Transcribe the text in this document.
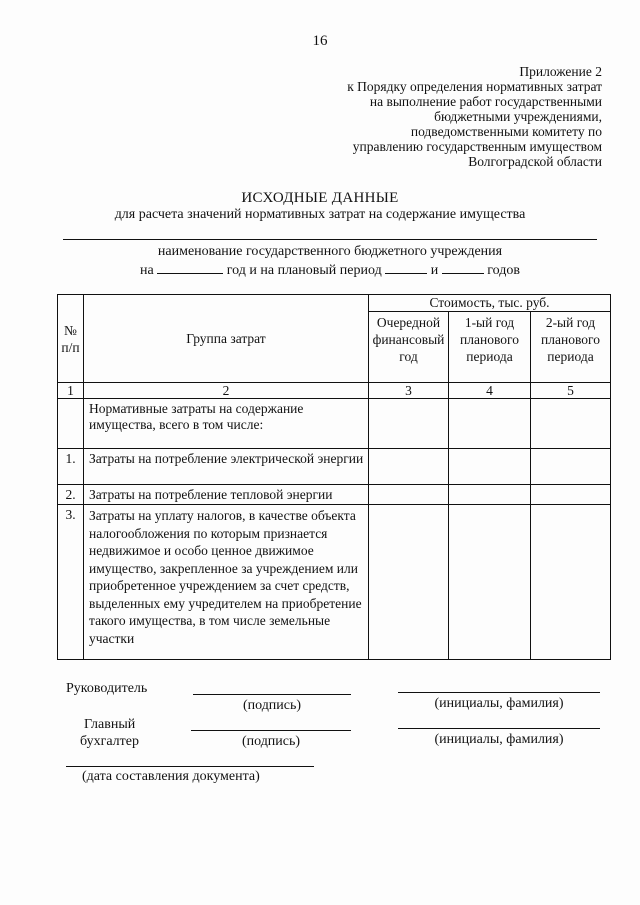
16
Приложение 2
к Порядку определения нормативных затрат
на выполнение работ государственными
бюджетными учреждениями,
подведомственными комитету по
управлению государственным имуществом
Волгоградской области
ИСХОДНЫЕ ДАННЫЕ
для расчета значений нормативных затрат на содержание имущества
наименование государственного бюджетного учреждения
на	год и на плановый период	и	годов
№ п/п	Группа затрат	Стоимость, тыс. руб.		
		Очередной финансовый год	1-ый год планового периода	2-ый год планового периода
1	2	3	4	5
	Нормативные затраты на содержание имущества, всего в том числе:			
1.	Затраты на потребление электрической энергии			
2.	Затраты на потребление тепловой энергии			
3.	Затраты на уплату налогов, в качестве объекта налогообложения по которым признается недвижимое и особо ценное движимое имущество, закрепленное за учреждением или приобретенное учреждением за счет средств, выделенных ему учредителем на приобретение такого имущества, в том числе земельные участки			
Руководитель
(подпись)	(инициалы, фамилия)
Главный
бухгалтер	(подпись)	(инициалы, фамилия)
(дата составления документа)
